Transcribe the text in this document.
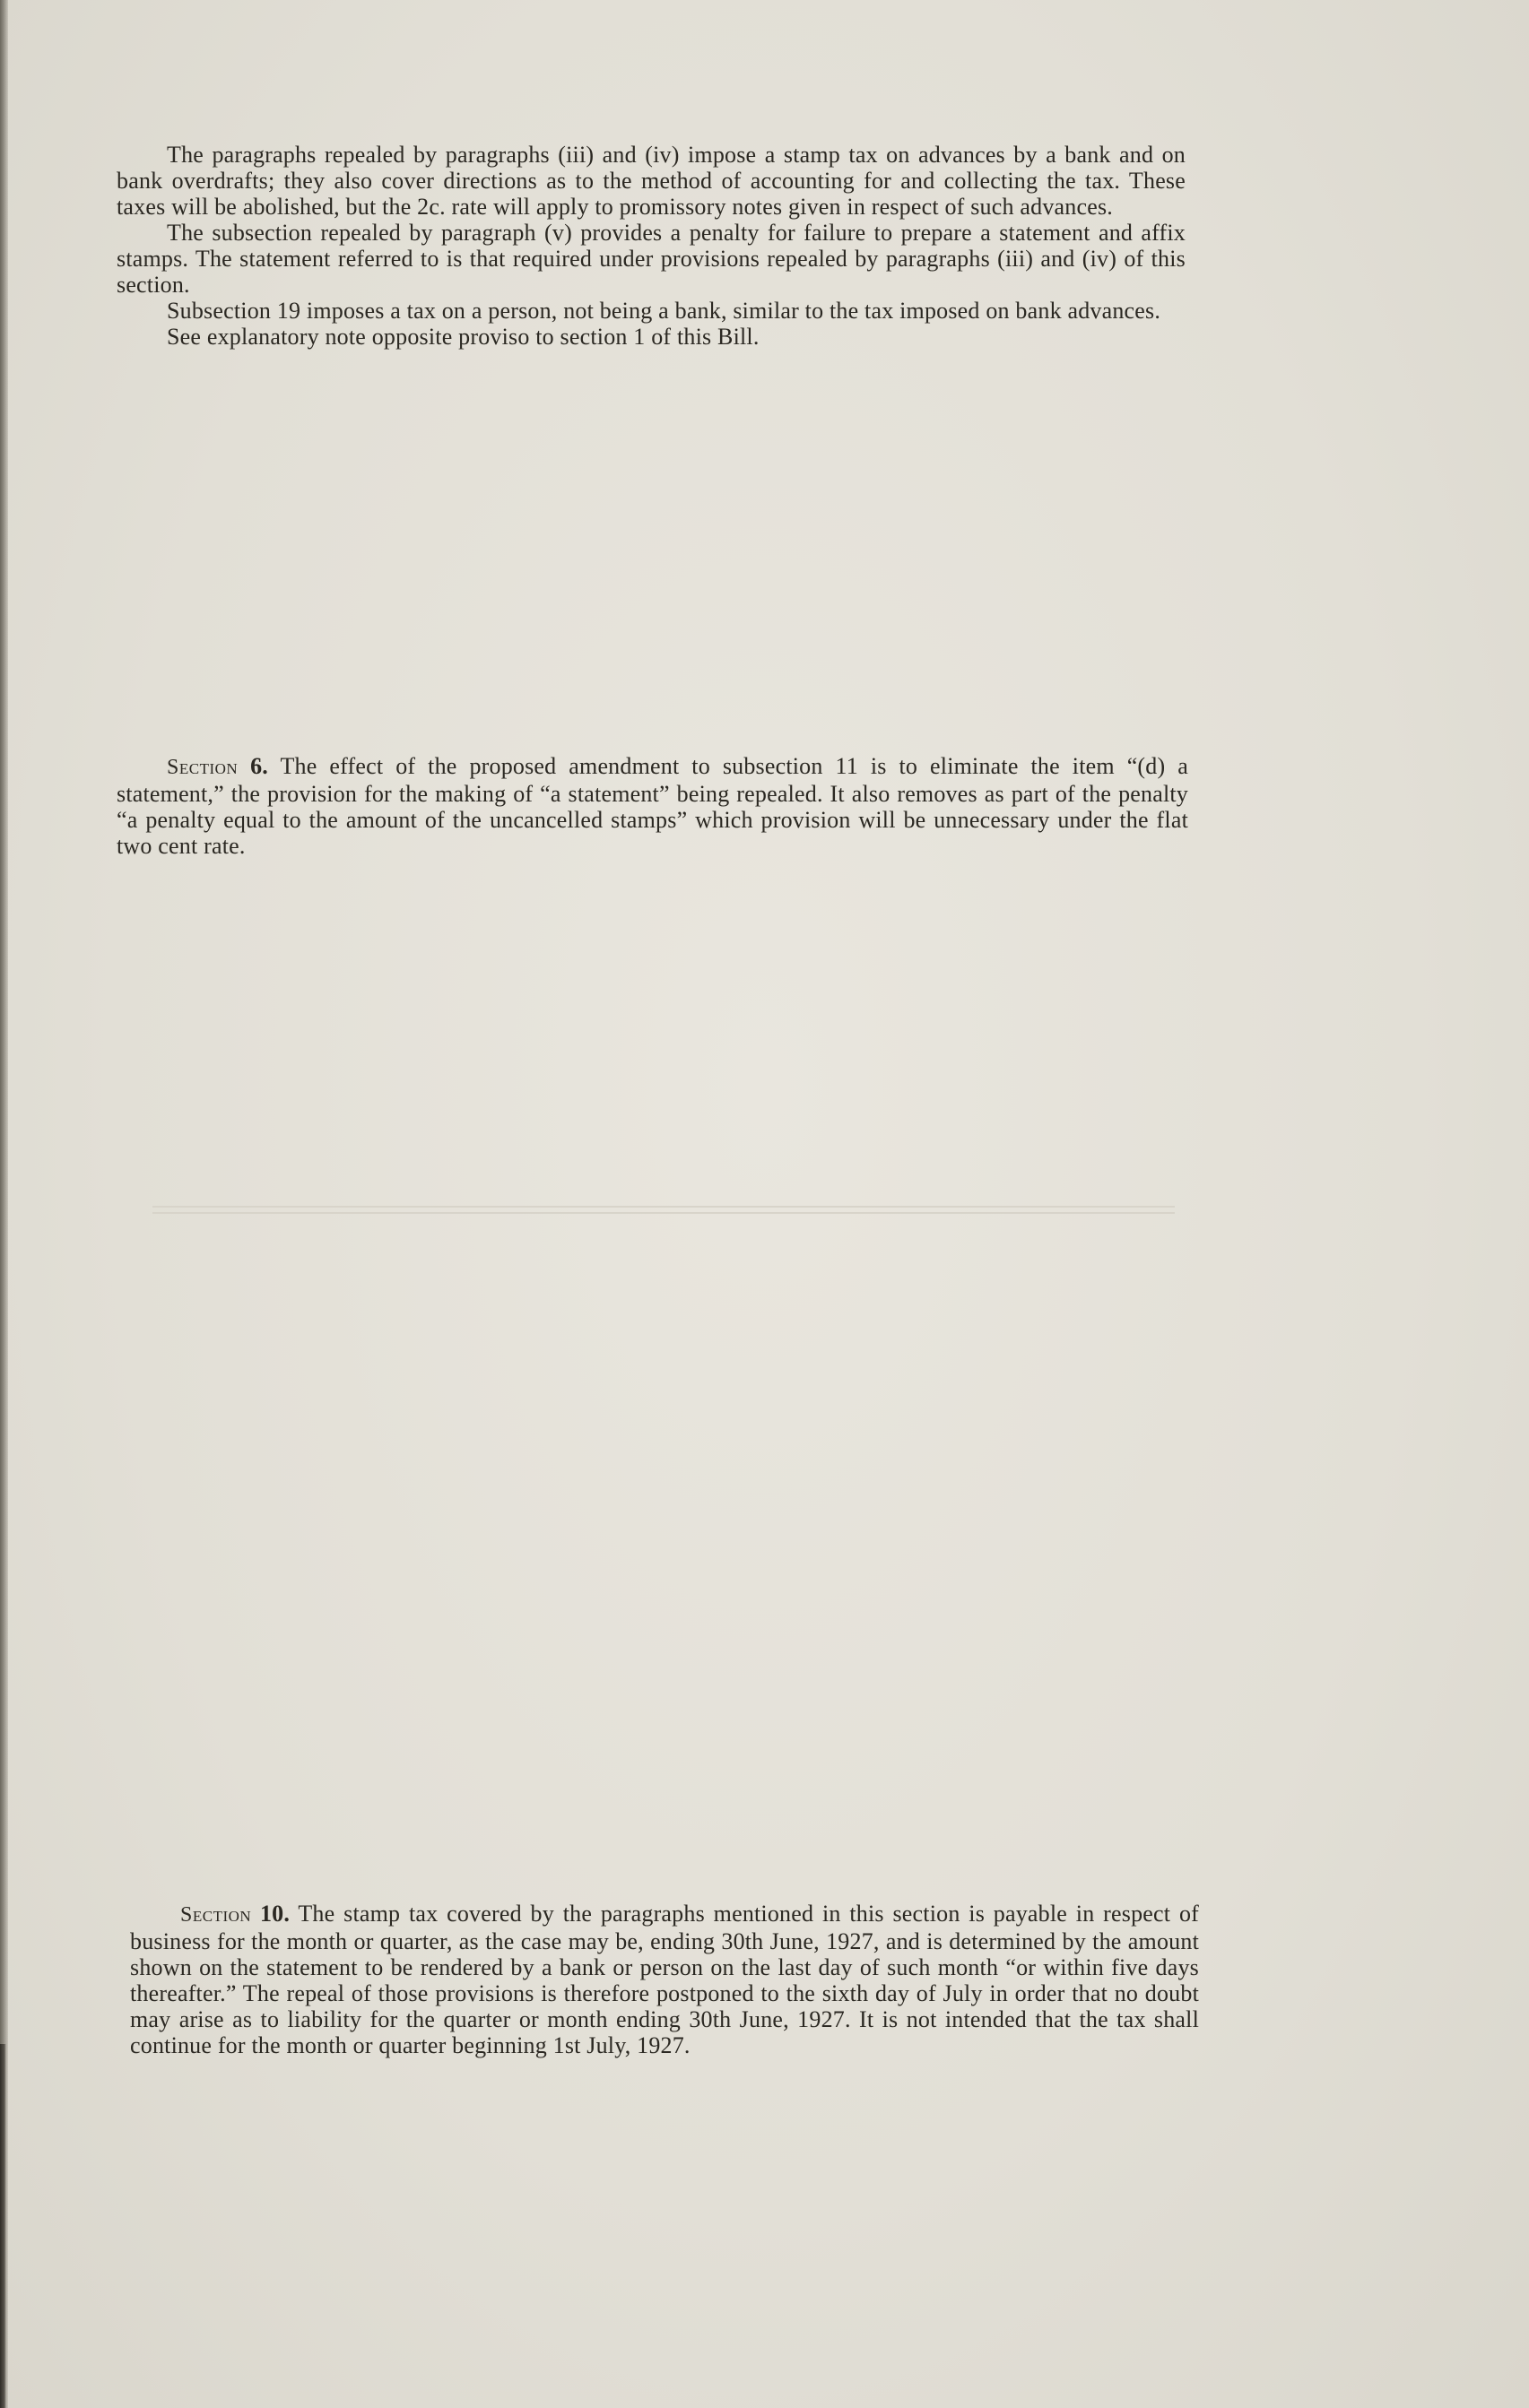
The paragraphs repealed by paragraphs (iii) and (iv) impose a stamp tax on advances by a bank and on bank overdrafts; they also cover directions as to the method of accounting for and collecting the tax. These taxes will be abolished, but the 2c. rate will apply to promissory notes given in respect of such advances.

The subsection repealed by paragraph (v) provides a penalty for failure to prepare a statement and affix stamps. The statement referred to is that required under provisions repealed by paragraphs (iii) and (iv) of this section.

Subsection 19 imposes a tax on a person, not being a bank, similar to the tax imposed on bank advances.

See explanatory note opposite proviso to section 1 of this Bill.

Section 6. The effect of the proposed amendment to subsection 11 is to eliminate the item “(d) a statement,” the provision for the making of “a statement” being repealed. It also removes as part of the penalty “a penalty equal to the amount of the uncancelled stamps” which provision will be unnecessary under the flat two cent rate.

Section 10. The stamp tax covered by the paragraphs mentioned in this section is payable in respect of business for the month or quarter, as the case may be, ending 30th June, 1927, and is determined by the amount shown on the statement to be rendered by a bank or person on the last day of such month “or within five days thereafter.” The repeal of those provisions is therefore postponed to the sixth day of July in order that no doubt may arise as to liability for the quarter or month ending 30th June, 1927. It is not intended that the tax shall continue for the month or quarter beginning 1st July, 1927.
